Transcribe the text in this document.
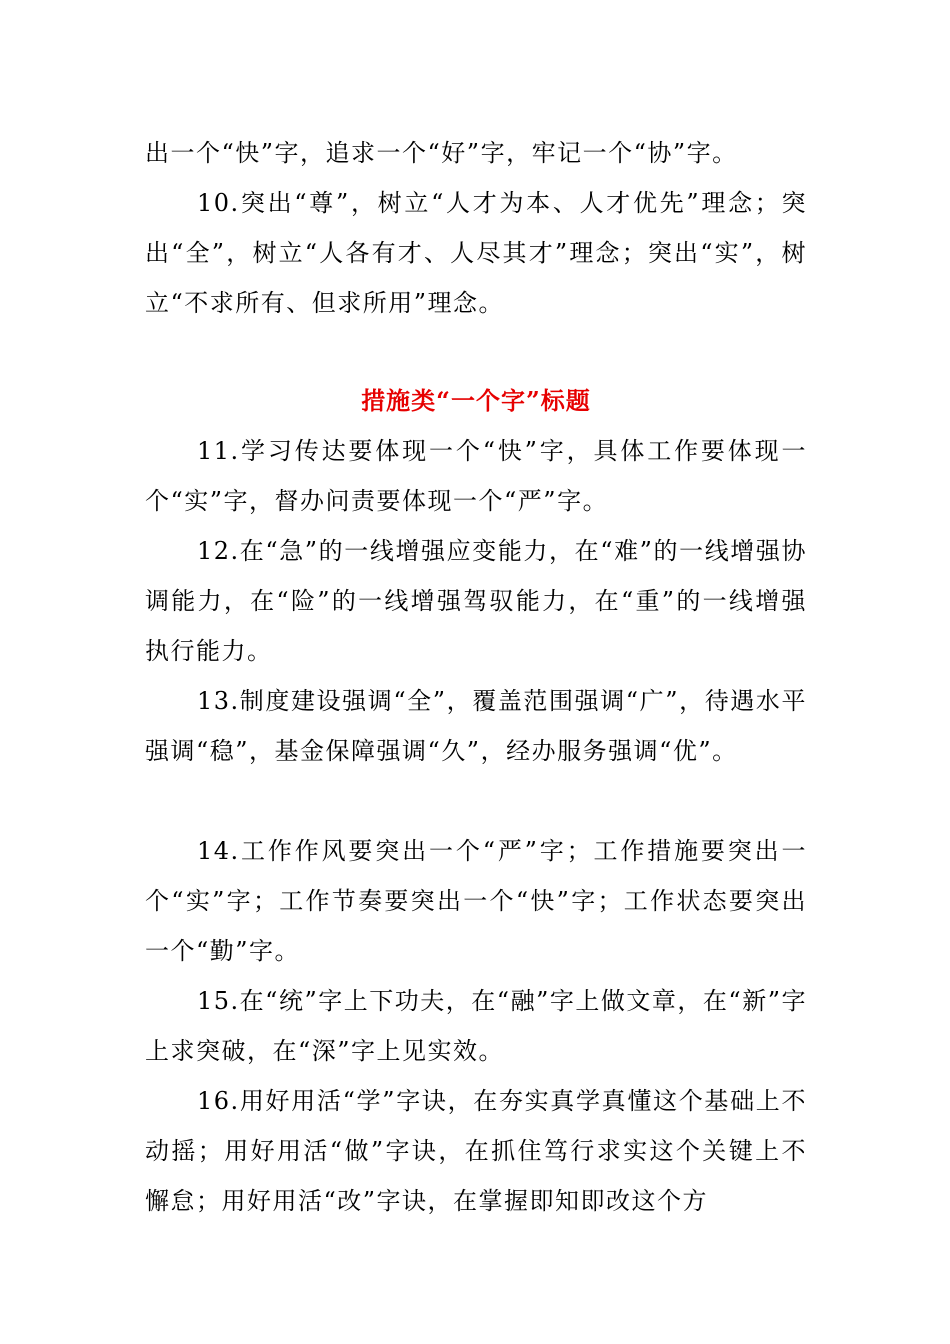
出一个“快”字，追求一个“好”字，牢记一个“协”字。

10.突出“尊”，树立“人才为本、人才优先”理念；突出“全”，树立“人各有才、人尽其才”理念；突出“实”，树立“不求所有、但求所用”理念。

措施类“一个字”标题

11.学习传达要体现一个“快”字，具体工作要体现一个“实”字，督办问责要体现一个“严”字。

12.在“急”的一线增强应变能力，在“难”的一线增强协调能力，在“险”的一线增强驾驭能力，在“重”的一线增强执行能力。

13.制度建设强调“全”，覆盖范围强调“广”，待遇水平强调“稳”，基金保障强调“久”，经办服务强调“优”。

14.工作作风要突出一个“严”字；工作措施要突出一个“实”字；工作节奏要突出一个“快”字；工作状态要突出一个“勤”字。

15.在“统”字上下功夫，在“融”字上做文章，在“新”字上求突破，在“深”字上见实效。

16.用好用活“学”字诀，在夯实真学真懂这个基础上不动摇；用好用活“做”字诀，在抓住笃行求实这个关键上不懈怠；用好用活“改”字诀，在掌握即知即改这个方
